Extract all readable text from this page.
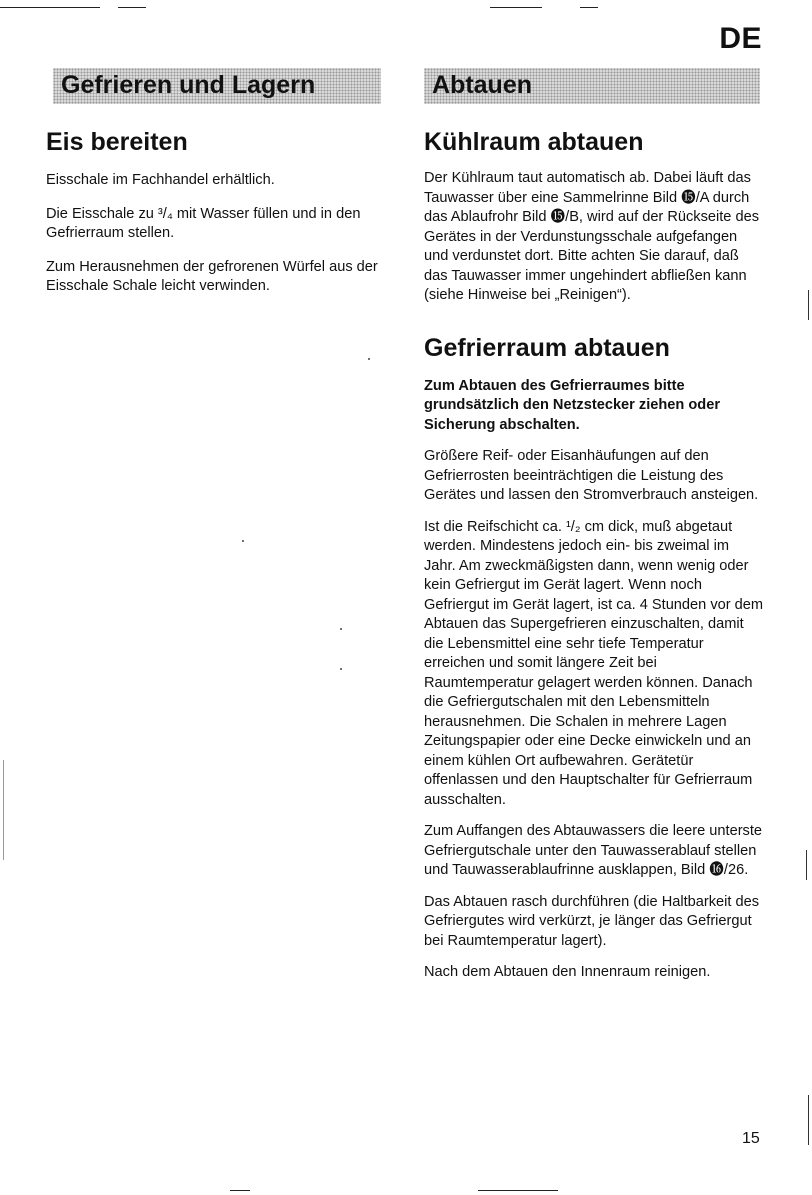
DE
Gefrieren und Lagern
Eis bereiten

Eisschale im Fachhandel erhältlich.

Die Eisschale zu ³/₄ mit Wasser füllen und in den Gefrierraum stellen.

Zum Herausnehmen der gefrorenen Würfel aus der Eisschale Schale leicht verwinden.

Abtauen
Kühlraum abtauen

Der Kühlraum taut automatisch ab. Dabei läuft das Tauwasser über eine Sammelrinne Bild ⓯/A durch das Ablaufrohr Bild ⓯/B, wird auf der Rückseite des Gerätes in der Verdunstungsschale aufgefangen und verdunstet dort. Bitte achten Sie darauf, daß das Tauwasser immer ungehindert abfließen kann (siehe Hinweise bei „Reinigen“).

Gefrierraum abtauen

Zum Abtauen des Gefrierraumes bitte grundsätzlich den Netzstecker ziehen oder Sicherung abschalten.

Größere Reif- oder Eisanhäufungen auf den Gefrierrosten beeinträchtigen die Leistung des Gerätes und lassen den Stromverbrauch ansteigen.

Ist die Reifschicht ca. ¹/₂ cm dick, muß abgetaut werden. Mindestens jedoch ein- bis zweimal im Jahr. Am zweckmäßigsten dann, wenn wenig oder kein Gefriergut im Gerät lagert. Wenn noch Gefriergut im Gerät lagert, ist ca. 4 Stunden vor dem Abtauen das Supergefrieren einzuschalten, damit die Lebensmittel eine sehr tiefe Temperatur erreichen und somit längere Zeit bei Raumtemperatur gelagert werden können. Danach die Gefriergutschalen mit den Lebensmitteln herausnehmen. Die Schalen in mehrere Lagen Zeitungspapier oder eine Decke einwickeln und an einem kühlen Ort aufbewahren. Gerätetür offenlassen und den Hauptschalter für Gefrierraum ausschalten.

Zum Auffangen des Abtauwassers die leere unterste Gefriergutschale unter den Tauwasserablauf stellen und Tauwasserablaufrinne ausklappen, Bild ⓰/26.

Das Abtauen rasch durchführen (die Haltbarkeit des Gefriergutes wird verkürzt, je länger das Gefriergut bei Raumtemperatur lagert).

Nach dem Abtauen den Innenraum reinigen.

15
